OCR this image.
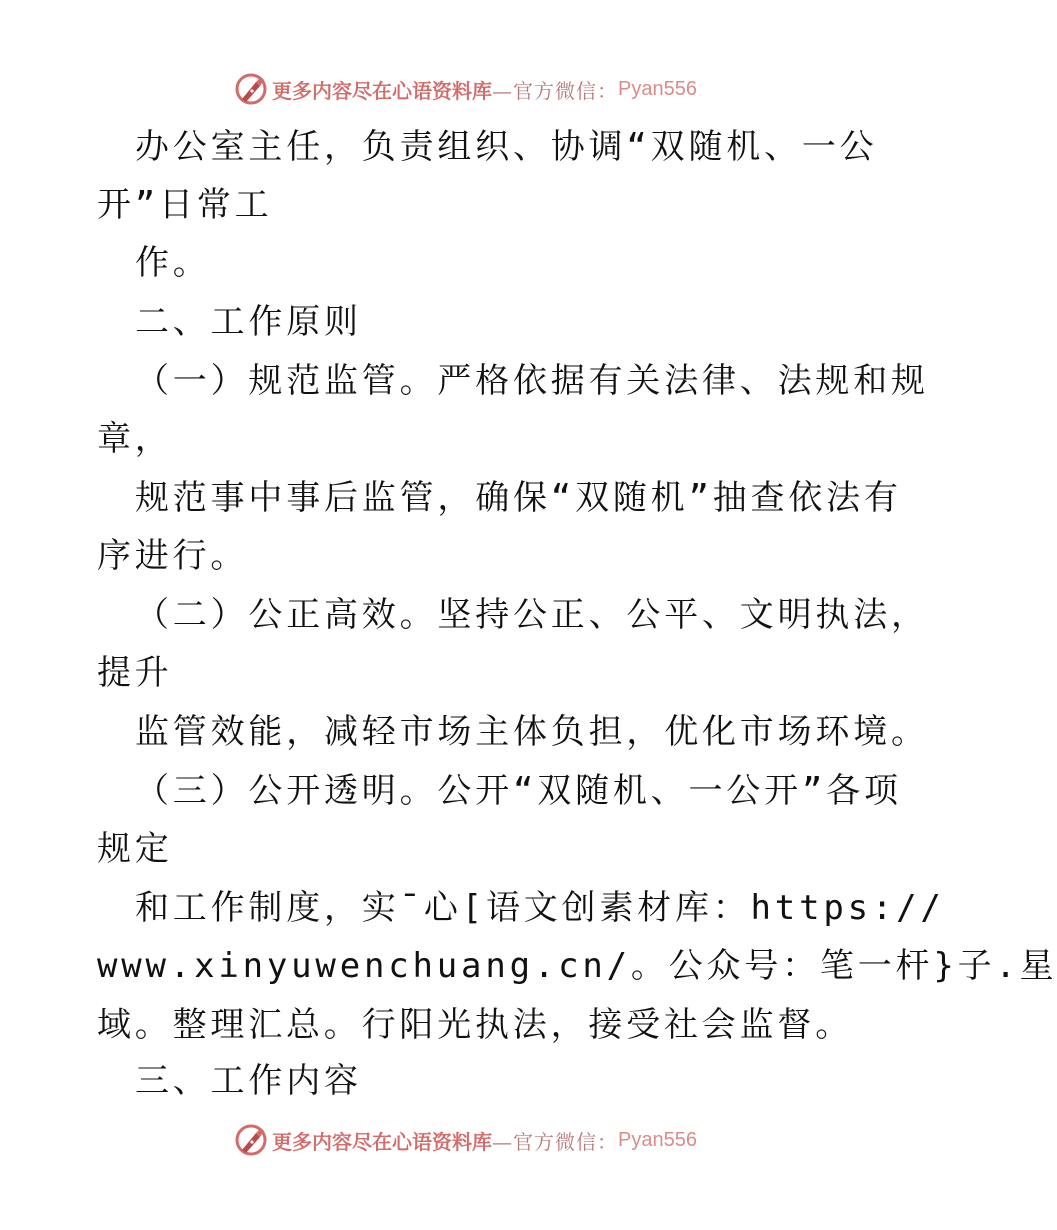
更多内容尽在心语资料库 —官方微信： Pyan556

办公室主任，负责组织、协调“双随机、一公

开”日常工

作。

二、工作原则

（一）规范监管。严格依据有关法律、法规和规

章，

规范事中事后监管，确保“双随机”抽查依法有

序进行。

（二）公正高效。坚持公正、公平、文明执法，

提升

监管效能，减轻市场主体负担，优化市场环境。

（三）公开透明。公开“双随机、一公开”各项

规定

和工作制度，实¯心[语文创素材库：https://

www.xinyuwenchuang.cn/。公众号：笔一杆}子.星

域。整理汇总。行阳光执法，接受社会监督。

三、工作内容

更多内容尽在心语资料库 —官方微信： Pyan556
